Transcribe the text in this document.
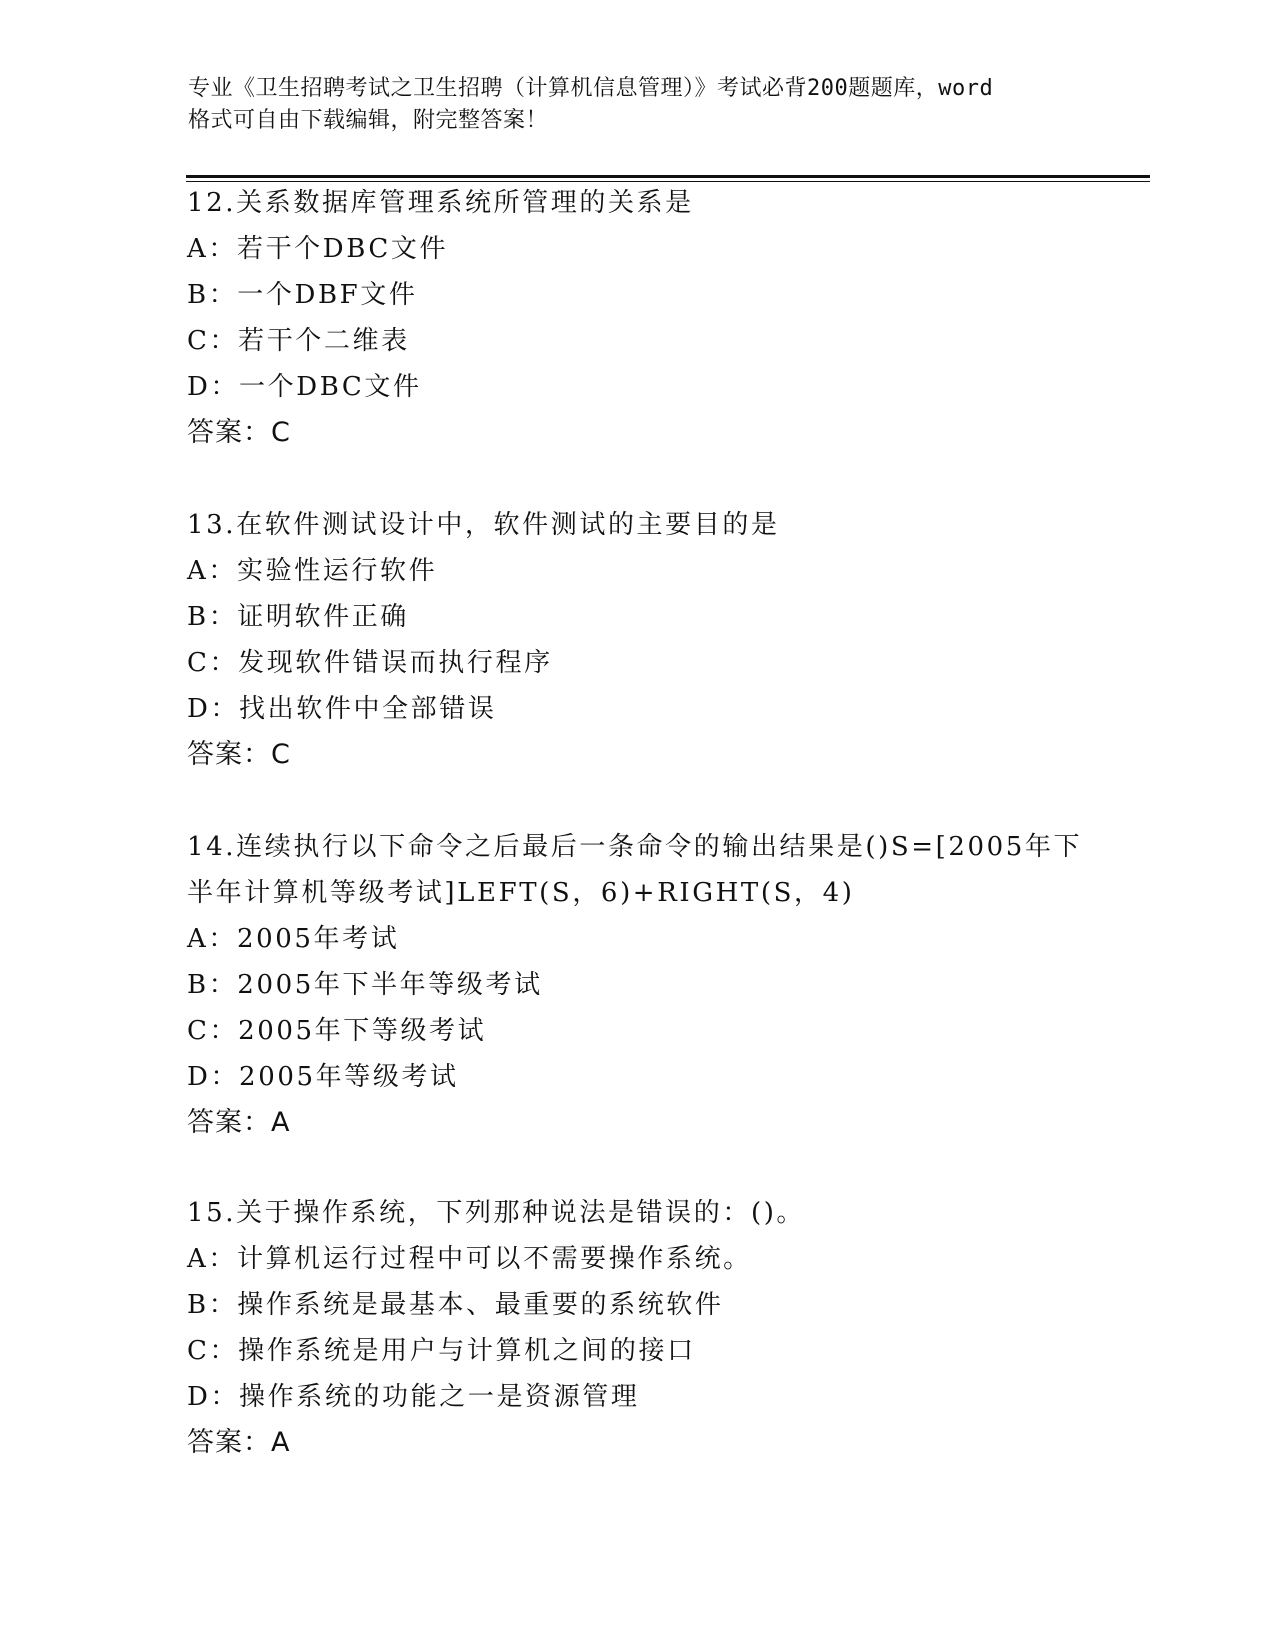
专业《卫生招聘考试之卫生招聘（计算机信息管理）》考试必背200题题库，word
格式可自由下载编辑，附完整答案！
12.关系数据库管理系统所管理的关系是
A：若干个DBC文件
B：一个DBF文件
C：若干个二维表
D：一个DBC文件
答案：C
13.在软件测试设计中，软件测试的主要目的是
A：实验性运行软件
B：证明软件正确
C：发现软件错误而执行程序
D：找出软件中全部错误
答案：C
14.连续执行以下命令之后最后一条命令的输出结果是()S=[2005年下
半年计算机等级考试]LEFT(S，6)+RIGHT(S，4)
A：2005年考试
B：2005年下半年等级考试
C：2005年下等级考试
D：2005年等级考试
答案：A
15.关于操作系统，下列那种说法是错误的：()。
A：计算机运行过程中可以不需要操作系统。
B：操作系统是最基本、最重要的系统软件
C：操作系统是用户与计算机之间的接口
D：操作系统的功能之一是资源管理
答案：A
